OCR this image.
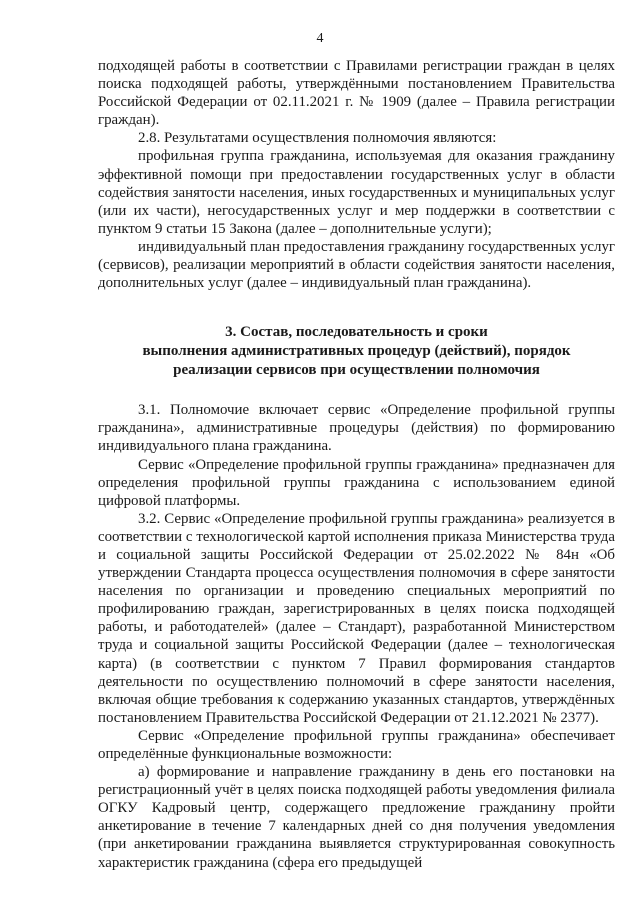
4

подходящей работы в соответствии с Правилами регистрации граждан в целях поиска подходящей работы, утверждёнными постановлением Правительства Российской Федерации от 02.11.2021 г. № 1909 (далее – Правила регистрации граждан).

2.8. Результатами осуществления полномочия являются:

профильная группа гражданина, используемая для оказания гражданину эффективной помощи при предоставлении государственных услуг в области содействия занятости населения, иных государственных и муниципальных услуг (или их части), негосударственных услуг и мер поддержки в соответствии с пунктом 9 статьи 15 Закона (далее – дополнительные услуги);

индивидуальный план предоставления гражданину государственных услуг (сервисов), реализации мероприятий в области содействия занятости населения, дополнительных услуг (далее – индивидуальный план гражданина).

3. Состав, последовательность и сроки
выполнения административных процедур (действий), порядок
реализации сервисов при осуществлении полномочия

3.1. Полномочие включает сервис «Определение профильной группы гражданина», административные процедуры (действия) по формированию индивидуального плана гражданина.

Сервис «Определение профильной группы гражданина» предназначен для определения профильной группы гражданина с использованием единой цифровой платформы.

3.2. Сервис «Определение профильной группы гражданина» реализуется в соответствии с технологической картой исполнения приказа Министерства труда и социальной защиты Российской Федерации от 25.02.2022 № 84н «Об утверждении Стандарта процесса осуществления полномочия в сфере занятости населения по организации и проведению специальных мероприятий по профилированию граждан, зарегистрированных в целях поиска подходящей работы, и работодателей» (далее – Стандарт), разработанной Министерством труда и социальной защиты Российской Федерации (далее – технологическая карта) (в соответствии с пунктом 7 Правил формирования стандартов деятельности по осуществлению полномочий в сфере занятости населения, включая общие требования к содержанию указанных стандартов, утверждённых постановлением Правительства Российской Федерации от 21.12.2021 № 2377).

Сервис «Определение профильной группы гражданина» обеспечивает определённые функциональные возможности:

а) формирование и направление гражданину в день его постановки на регистрационный учёт в целях поиска подходящей работы уведомления филиала ОГКУ Кадровый центр, содержащего предложение гражданину пройти анкетирование в течение 7 календарных дней со дня получения уведомления (при анкетировании гражданина выявляется структурированная совокупность характеристик гражданина (сфера его предыдущей
